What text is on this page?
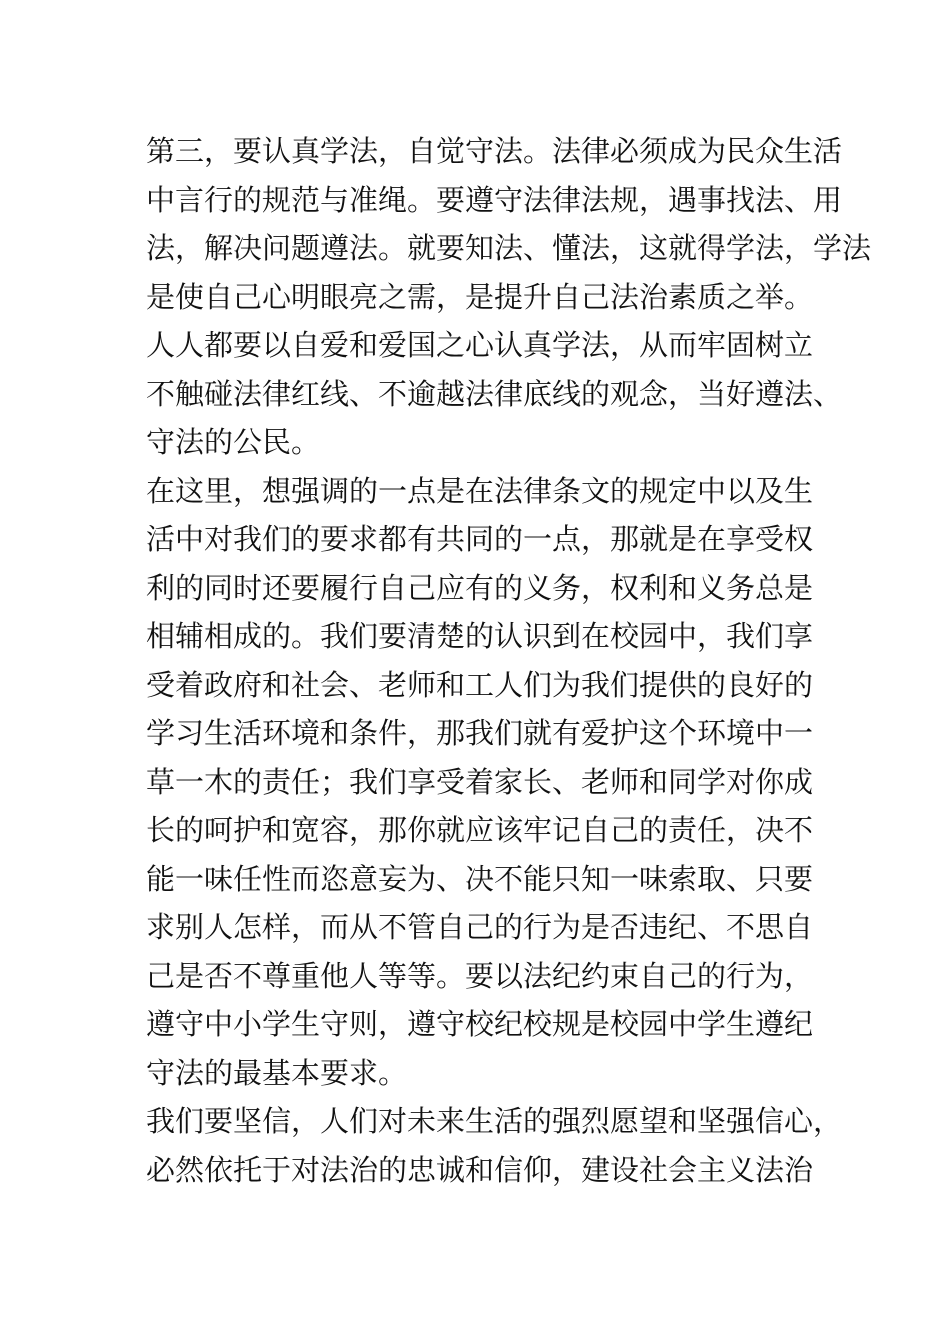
第三，要认真学法，自觉守法。法律必须成为民众生活
中言行的规范与准绳。要遵守法律法规，遇事找法、用
法，解决问题遵法。就要知法、懂法，这就得学法，学法
是使自己心明眼亮之需，是提升自己法治素质之举。
人人都要以自爱和爱国之心认真学法，从而牢固树立
不触碰法律红线、不逾越法律底线的观念，当好遵法、
守法的公民。
在这里，想强调的一点是在法律条文的规定中以及生
活中对我们的要求都有共同的一点，那就是在享受权
利的同时还要履行自己应有的义务，权利和义务总是
相辅相成的。我们要清楚的认识到在校园中，我们享
受着政府和社会、老师和工人们为我们提供的良好的
学习生活环境和条件，那我们就有爱护这个环境中一
草一木的责任；我们享受着家长、老师和同学对你成
长的呵护和宽容，那你就应该牢记自己的责任，决不
能一味任性而恣意妄为、决不能只知一味索取、只要
求别人怎样，而从不管自己的行为是否违纪、不思自
己是否不尊重他人等等。要以法纪约束自己的行为，
遵守中小学生守则，遵守校纪校规是校园中学生遵纪
守法的最基本要求。
我们要坚信，人们对未来生活的强烈愿望和坚强信心，
必然依托于对法治的忠诚和信仰，建设社会主义法治
